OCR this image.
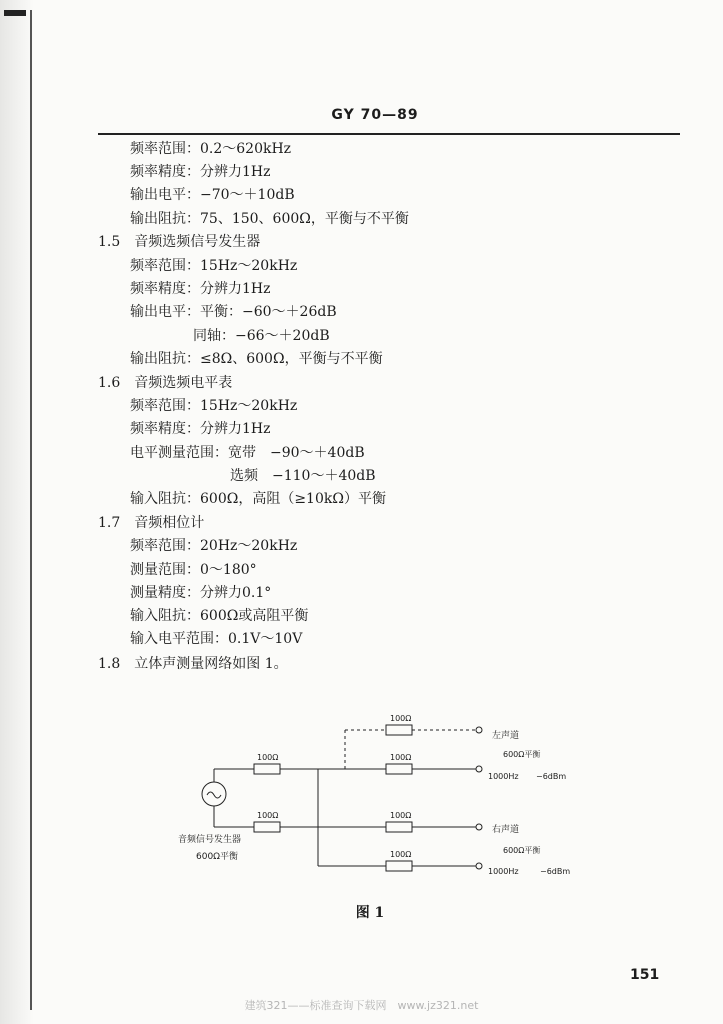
GY 70—89
频率范围：0.2～620kHz
频率精度：分辨力1Hz
输出电平：−70～＋10dB
输出阻抗：75、150、600Ω，平衡与不平衡
1.5　音频选频信号发生器
频率范围：15Hz～20kHz
频率精度：分辨力1Hz
输出电平：平衡：−60～＋26dB
同轴：−66～＋20dB
输出阻抗：≤8Ω、600Ω，平衡与不平衡
1.6　音频选频电平表
频率范围：15Hz～20kHz
频率精度：分辨力1Hz
电平测量范围：宽带　−90～＋40dB
选频　−110～＋40dB
输入阻抗：600Ω，高阻（≥10kΩ）平衡
1.7　音频相位计
频率范围：20Hz～20kHz
测量范围：0～180°
测量精度：分辨力0.1°
输入阻抗：600Ω或高阻平衡
输入电平范围：0.1V～10V
1.8　立体声测量网络如图 1。
100Ω
100Ω	100Ω
100Ω	100Ω
100Ω
音频信号发生器
600Ω平衡
左声道
600Ω平衡
1000Hz −6dBm
右声道
600Ω平衡
1000Hz	−6dBm
图 1
151
建筑321——标准查询下载网　www.jz321.net
